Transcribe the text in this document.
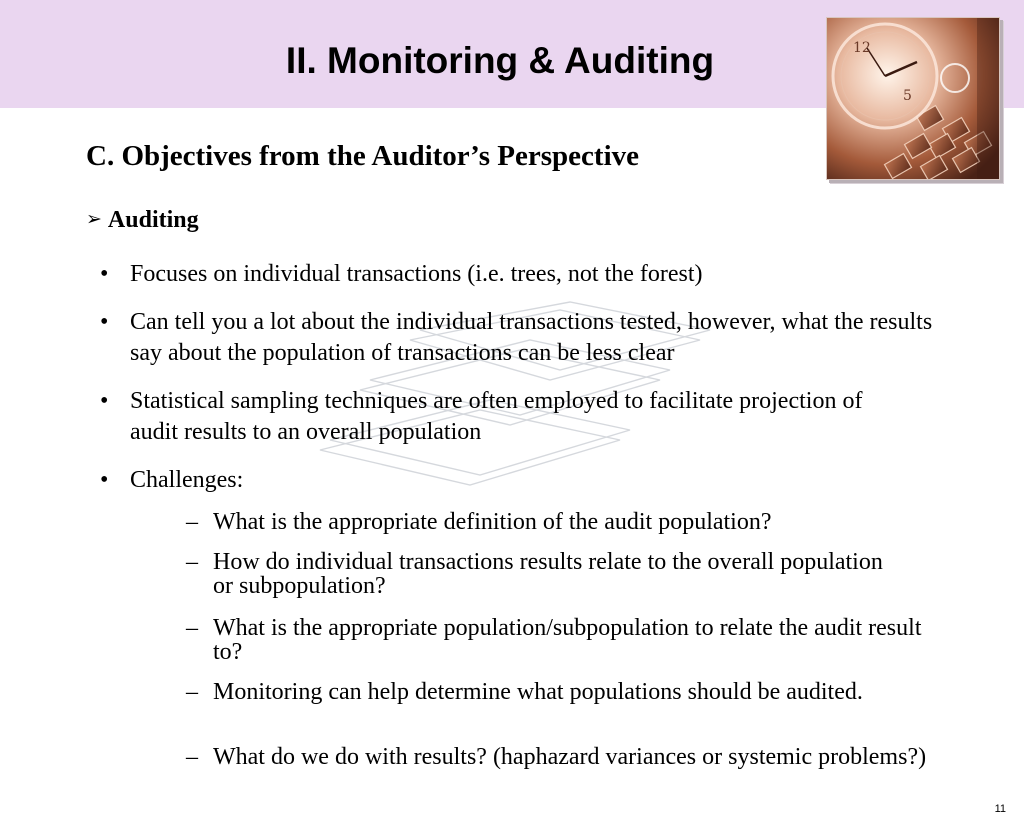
II. Monitoring & Auditing	12
5
C. Objectives from the Auditor’s Perspective
➢ Auditing
• Focuses on individual transactions (i.e. trees, not the forest)
• Can tell you a lot about the individual transactions tested, however, what the results say about the population of transactions can be less clear
• Statistical sampling techniques are often employed to facilitate projection of audit results to an overall population
• Challenges:
– What is the appropriate definition of the audit population?
– How do individual transactions results relate to the overall population or subpopulation?
– What is the appropriate population/subpopulation to relate the audit result to?
– Monitoring can help determine what populations should be audited.
– What do we do with results? (haphazard variances or systemic problems?)
11
